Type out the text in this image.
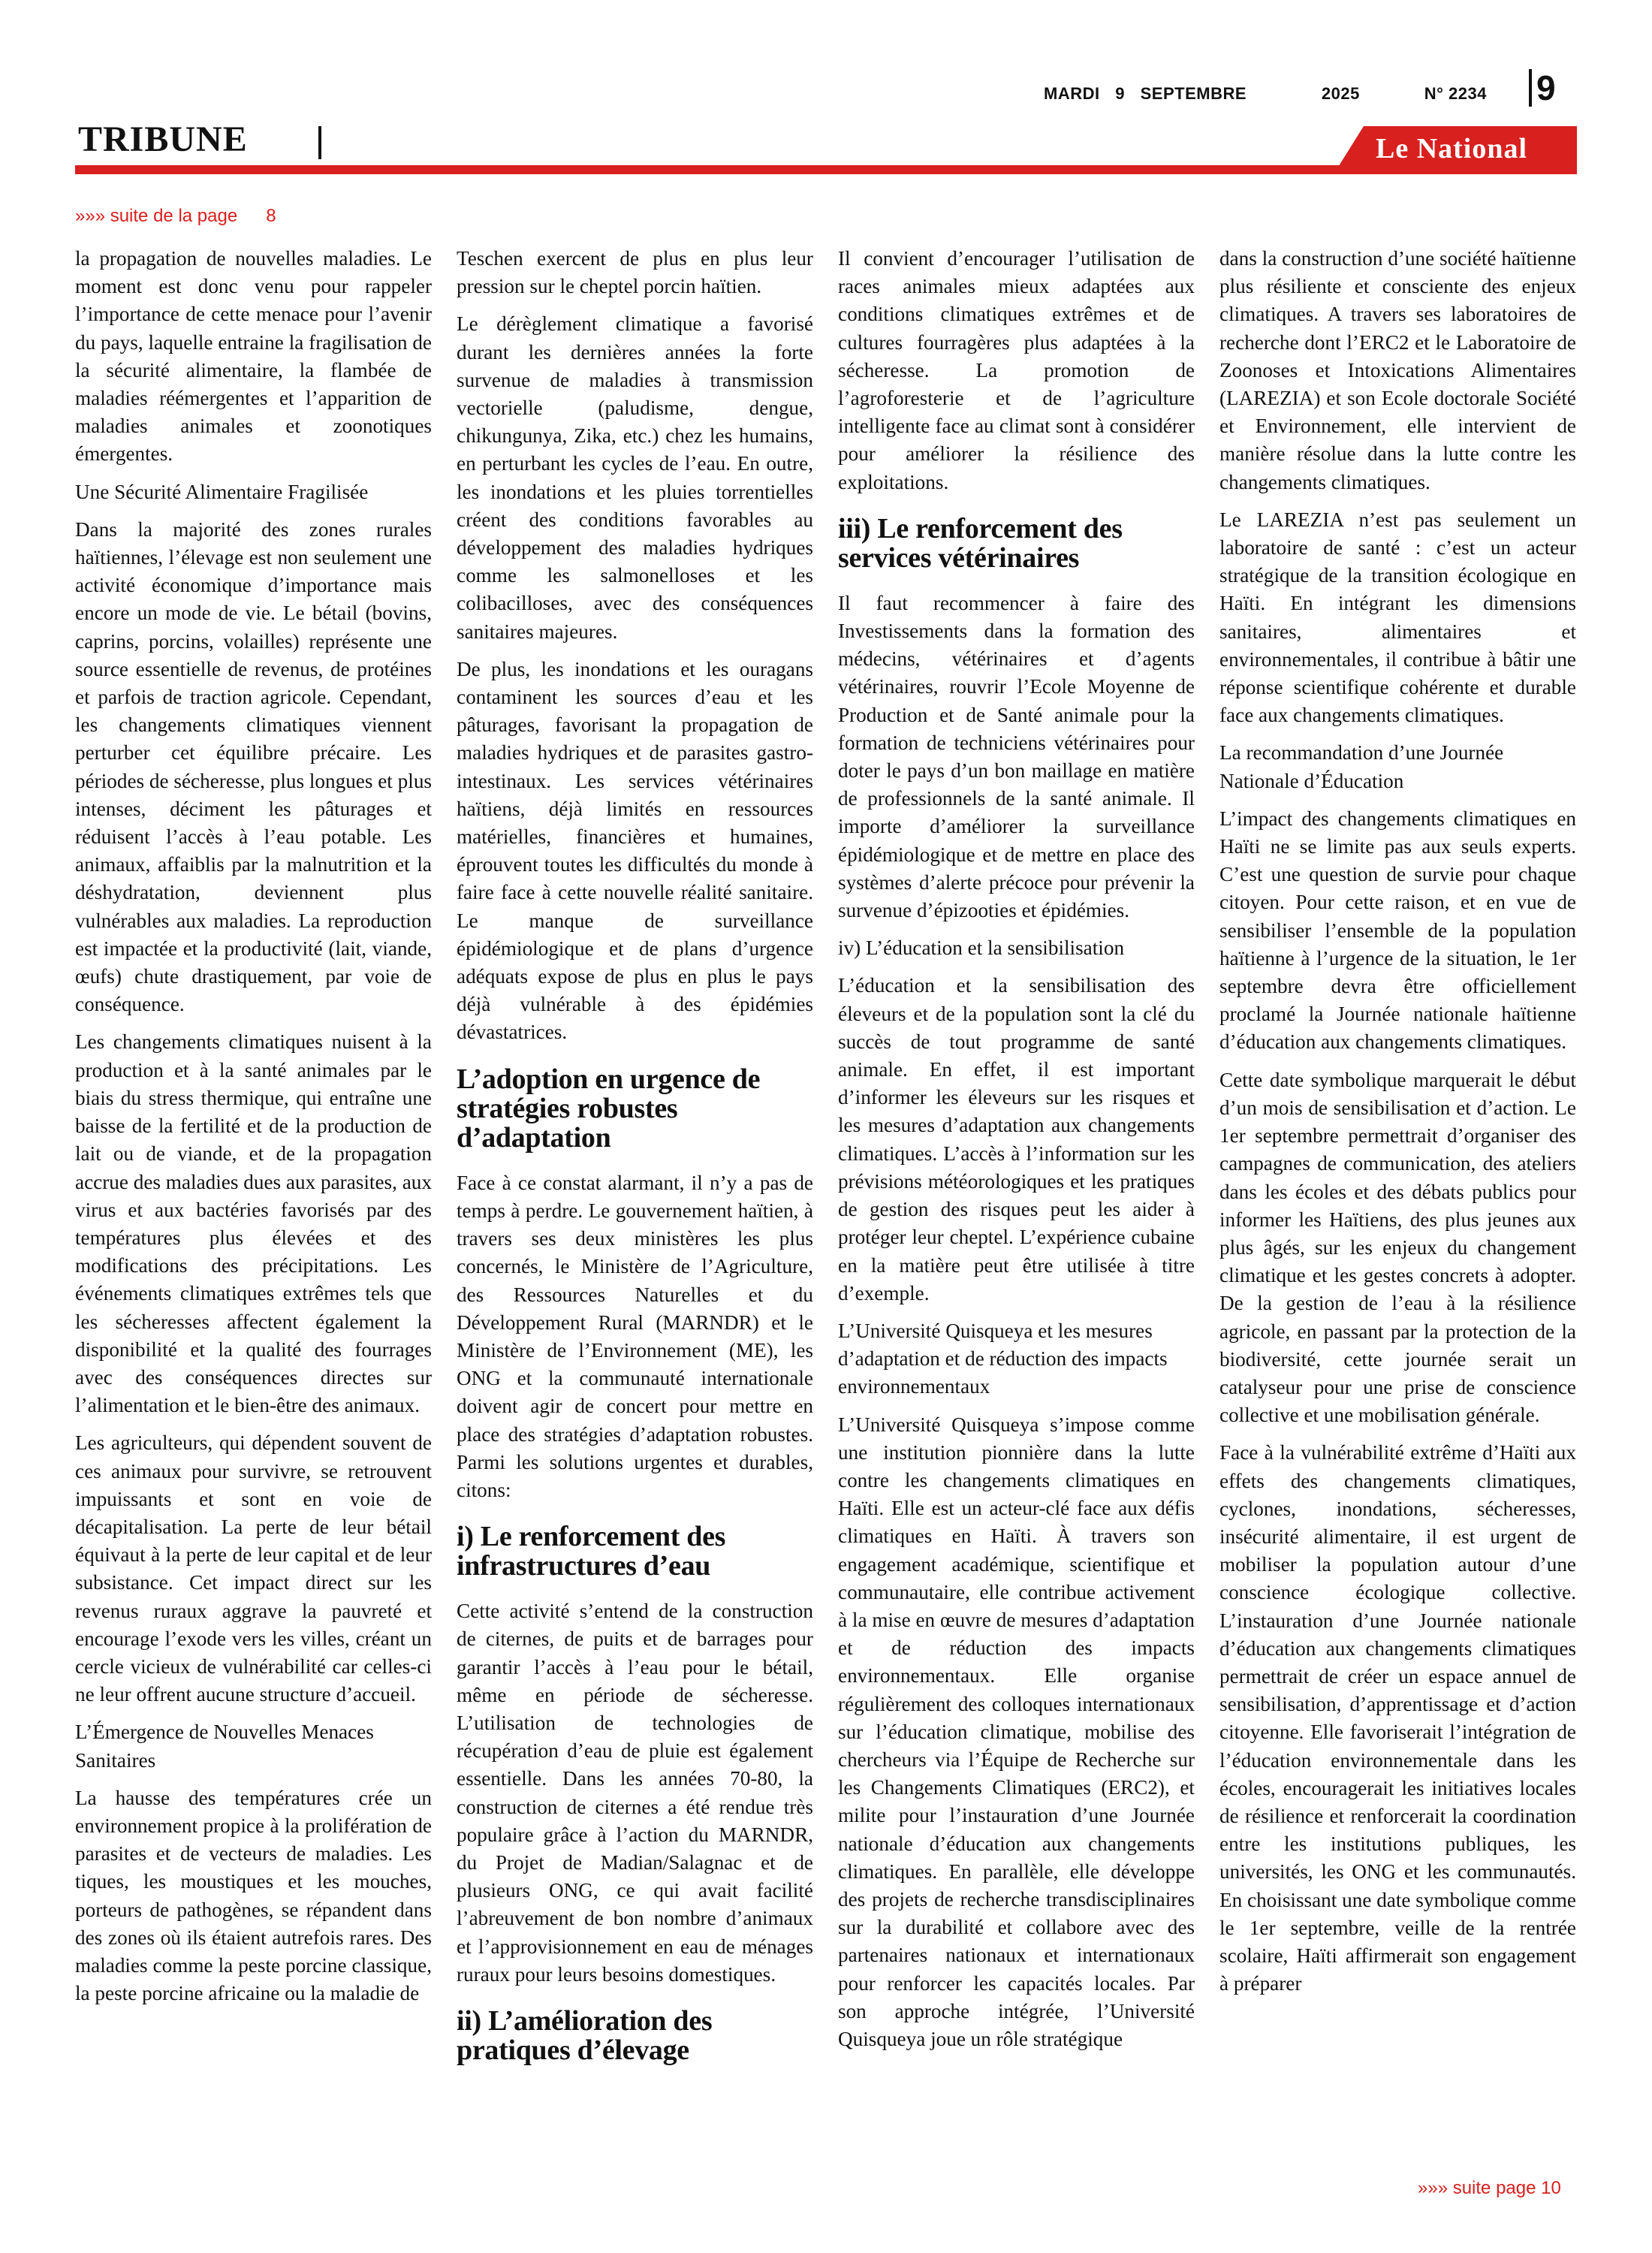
MARDI 9 SEPTEMBRE	2025	N° 2234 9
TRIBUNE	Le National
»»» suite de la page 8

la propagation de nouvelles maladies. Le moment est donc venu pour rappeler l’importance de cette menace pour l’avenir du pays, laquelle entraine la fragilisation de la sécurité alimentaire, la flambée de maladies réémergentes et l’apparition de maladies animales et zoonotiques émergentes.

Une Sécurité Alimentaire Fragilisée

Dans la majorité des zones rurales haïtiennes, l’élevage est non seulement une activité économique d’importance mais encore un mode de vie. Le bétail (bovins, caprins, porcins, volailles) représente une source essentielle de revenus, de protéines et parfois de traction agricole. Cependant, les changements climatiques viennent perturber cet équilibre précaire. Les périodes de sécheresse, plus longues et plus intenses, déciment les pâturages et réduisent l’accès à l’eau potable. Les animaux, affaiblis par la malnutrition et la déshydratation, deviennent plus vulnérables aux maladies. La reproduction est impactée et la productivité (lait, viande, œufs) chute drastiquement, par voie de conséquence.

Les changements climatiques nuisent à la production et à la santé animales par le biais du stress thermique, qui entraîne une baisse de la fertilité et de la production de lait ou de viande, et de la propagation accrue des maladies dues aux parasites, aux virus et aux bactéries favorisés par des températures plus élevées et des modifications des précipitations. Les événements climatiques extrêmes tels que les sécheresses affectent également la disponibilité et la qualité des fourrages avec des conséquences directes sur l’alimentation et le bien-être des animaux.

Les agriculteurs, qui dépendent souvent de ces animaux pour survivre, se retrouvent impuissants et sont en voie de décapitalisation. La perte de leur bétail équivaut à la perte de leur capital et de leur subsistance. Cet impact direct sur les revenus ruraux aggrave la pauvreté et encourage l’exode vers les villes, créant un cercle vicieux de vulnérabilité car celles-ci ne leur offrent aucune structure d’accueil.

L’Émergence de Nouvelles Menaces Sanitaires

La hausse des températures crée un environnement propice à la prolifération de parasites et de vecteurs de maladies. Les tiques, les moustiques et les mouches, porteurs de pathogènes, se répandent dans des zones où ils étaient autrefois rares. Des maladies comme la peste porcine classique, la peste porcine africaine ou la maladie de

Teschen exercent de plus en plus leur pression sur le cheptel porcin haïtien.

Le dérèglement climatique a favorisé durant les dernières années la forte survenue de maladies à transmission vectorielle (paludisme, dengue, chikungunya, Zika, etc.) chez les humains, en perturbant les cycles de l’eau. En outre, les inondations et les pluies torrentielles créent des conditions favorables au développement des maladies hydriques comme les salmonelloses et les colibacilloses, avec des conséquences sanitaires majeures.

De plus, les inondations et les ouragans contaminent les sources d’eau et les pâturages, favorisant la propagation de maladies hydriques et de parasites gastro-intestinaux. Les services vétérinaires haïtiens, déjà limités en ressources matérielles, financières et humaines, éprouvent toutes les difficultés du monde à faire face à cette nouvelle réalité sanitaire. Le manque de surveillance épidémiologique et de plans d’urgence adéquats expose de plus en plus le pays déjà vulnérable à des épidémies dévastatrices.

L’adoption en urgence de stratégies robustes d’adaptation

Face à ce constat alarmant, il n’y a pas de temps à perdre. Le gouvernement haïtien, à travers ses deux ministères les plus concernés, le Ministère de l’Agriculture, des Ressources Naturelles et du Développement Rural (MARNDR) et le Ministère de l’Environnement (ME), les ONG et la communauté internationale doivent agir de concert pour mettre en place des stratégies d’adaptation robustes. Parmi les solutions urgentes et durables, citons:

i) Le renforcement des infrastructures d’eau

Cette activité s’entend de la construction de citernes, de puits et de barrages pour garantir l’accès à l’eau pour le bétail, même en période de sécheresse. L’utilisation de technologies de récupération d’eau de pluie est également essentielle. Dans les années 70-80, la construction de citernes a été rendue très populaire grâce à l’action du MARNDR, du Projet de Madian/Salagnac et de plusieurs ONG, ce qui avait facilité l’abreuvement de bon nombre d’animaux et l’approvisionnement en eau de ménages ruraux pour leurs besoins domestiques.

ii) L’amélioration des pratiques d’élevage

Il convient d’encourager l’utilisation de races animales mieux adaptées aux conditions climatiques extrêmes et de cultures fourragères plus adaptées à la sécheresse. La promotion de l’agroforesterie et de l’agriculture intelligente face au climat sont à considérer pour améliorer la résilience des exploitations.

iii) Le renforcement des services vétérinaires

Il faut recommencer à faire des Investissements dans la formation des médecins, vétérinaires et d’agents vétérinaires, rouvrir l’Ecole Moyenne de Production et de Santé animale pour la formation de techniciens vétérinaires pour doter le pays d’un bon maillage en matière de professionnels de la santé animale. Il importe d’améliorer la surveillance épidémiologique et de mettre en place des systèmes d’alerte précoce pour prévenir la survenue d’épizooties et épidémies.

iv) L’éducation et la sensibilisation

L’éducation et la sensibilisation des éleveurs et de la population sont la clé du succès de tout programme de santé animale. En effet, il est important d’informer les éleveurs sur les risques et les mesures d’adaptation aux changements climatiques. L’accès à l’information sur les prévisions météorologiques et les pratiques de gestion des risques peut les aider à protéger leur cheptel. L’expérience cubaine en la matière peut être utilisée à titre d’exemple.

L’Université Quisqueya et les mesures d’adaptation et de réduction des impacts environnementaux

L’Université Quisqueya s’impose comme une institution pionnière dans la lutte contre les changements climatiques en Haïti. Elle est un acteur-clé face aux défis climatiques en Haïti. À travers son engagement académique, scientifique et communautaire, elle contribue activement à la mise en œuvre de mesures d’adaptation et de réduction des impacts environnementaux. Elle organise régulièrement des colloques internationaux sur l’éducation climatique, mobilise des chercheurs via l’Équipe de Recherche sur les Changements Climatiques (ERC2), et milite pour l’instauration d’une Journée nationale d’éducation aux changements climatiques. En parallèle, elle développe des projets de recherche transdisciplinaires sur la durabilité et collabore avec des partenaires nationaux et internationaux pour renforcer les capacités locales. Par son approche intégrée, l’Université Quisqueya joue un rôle stratégique

dans la construction d’une société haïtienne plus résiliente et consciente des enjeux climatiques. A travers ses laboratoires de recherche dont l’ERC2 et le Laboratoire de Zoonoses et Intoxications Alimentaires (LAREZIA) et son Ecole doctorale Société et Environnement, elle intervient de manière résolue dans la lutte contre les changements climatiques.

Le LAREZIA n’est pas seulement un laboratoire de santé : c’est un acteur stratégique de la transition écologique en Haïti. En intégrant les dimensions sanitaires, alimentaires et environnementales, il contribue à bâtir une réponse scientifique cohérente et durable face aux changements climatiques.

La recommandation d’une Journée Nationale d’Éducation

L’impact des changements climatiques en Haïti ne se limite pas aux seuls experts. C’est une question de survie pour chaque citoyen. Pour cette raison, et en vue de sensibiliser l’ensemble de la population haïtienne à l’urgence de la situation, le 1er septembre devra être officiellement proclamé la Journée nationale haïtienne d’éducation aux changements climatiques.

Cette date symbolique marquerait le début d’un mois de sensibilisation et d’action. Le 1er septembre permettrait d’organiser des campagnes de communication, des ateliers dans les écoles et des débats publics pour informer les Haïtiens, des plus jeunes aux plus âgés, sur les enjeux du changement climatique et les gestes concrets à adopter. De la gestion de l’eau à la résilience agricole, en passant par la protection de la biodiversité, cette journée serait un catalyseur pour une prise de conscience collective et une mobilisation générale.

Face à la vulnérabilité extrême d’Haïti aux effets des changements climatiques, cyclones, inondations, sécheresses, insécurité alimentaire, il est urgent de mobiliser la population autour d’une conscience écologique collective. L’instauration d’une Journée nationale d’éducation aux changements climatiques permettrait de créer un espace annuel de sensibilisation, d’apprentissage et d’action citoyenne. Elle favoriserait l’intégration de l’éducation environnementale dans les écoles, encouragerait les initiatives locales de résilience et renforcerait la coordination entre les institutions publiques, les universités, les ONG et les communautés. En choisissant une date symbolique comme le 1er septembre, veille de la rentrée scolaire, Haïti affirmerait son engagement à préparer

»»» suite page 10
